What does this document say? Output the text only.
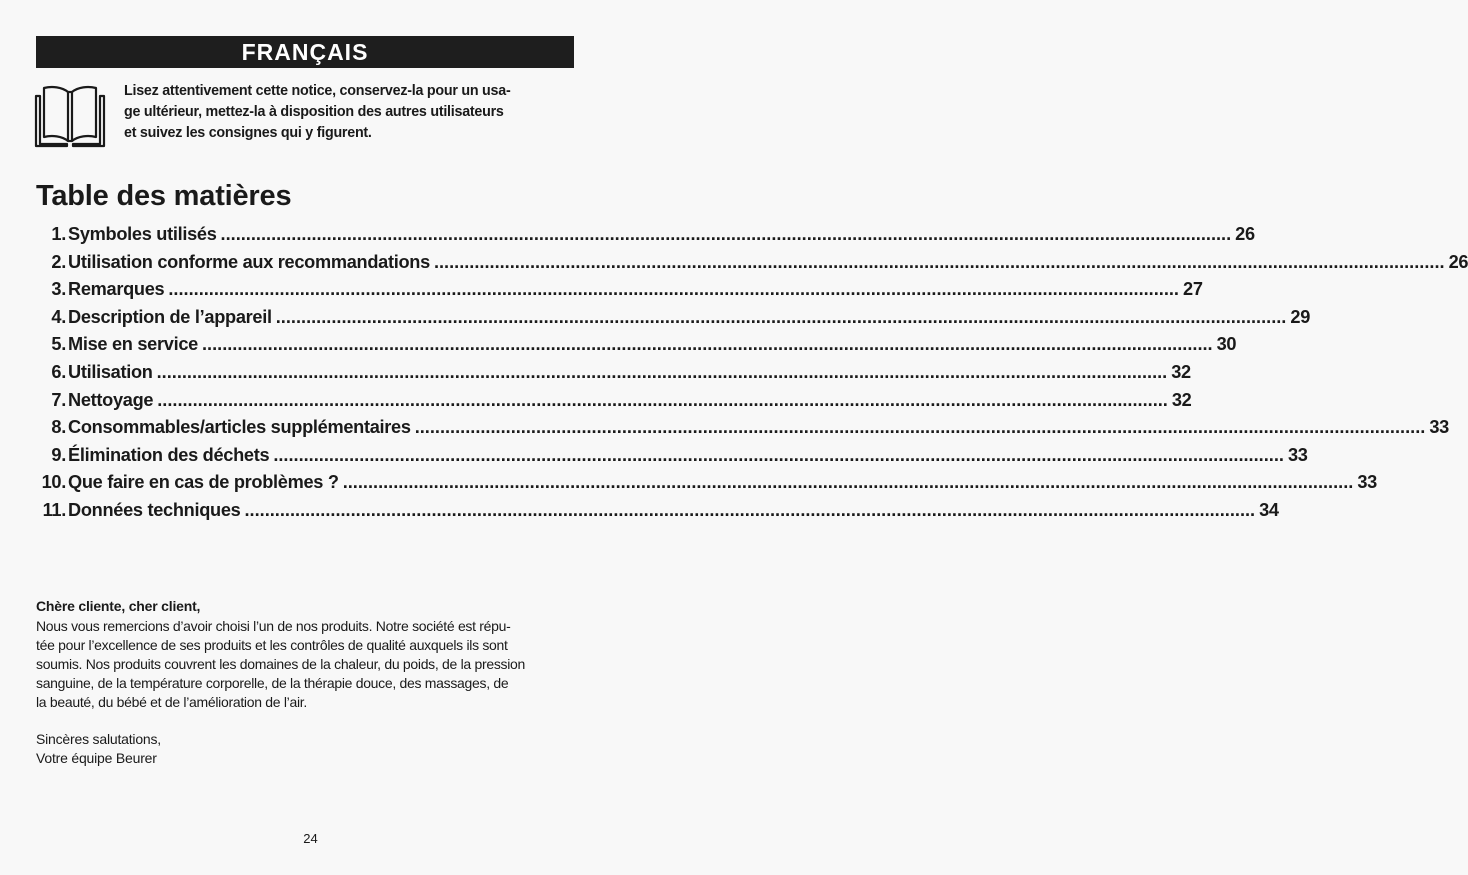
FRANÇAIS
Lisez attentivement cette notice, conservez-la pour un usa-
ge ultérieur, mettez-la à disposition des autres utilisateurs
et suivez les consignes qui y figurent.
Table des matières
1. Symboles utilisés ........................................................................................................................................................................................................ 26
2. Utilisation conforme aux recommandations ........................................................................................................................................................................................................ 26
3. Remarques ........................................................................................................................................................................................................ 27
4. Description de l’appareil ........................................................................................................................................................................................................ 29
5. Mise en service ........................................................................................................................................................................................................ 30
6. Utilisation ........................................................................................................................................................................................................ 32
7. Nettoyage ........................................................................................................................................................................................................ 32
8. Consommables/articles supplémentaires ........................................................................................................................................................................................................ 33
9. Élimination des déchets ........................................................................................................................................................................................................ 33
10. Que faire en cas de problèmes ? ........................................................................................................................................................................................................ 33
11. Données techniques ........................................................................................................................................................................................................ 34
Chère cliente, cher client,
Nous vous remercions d’avoir choisi l’un de nos produits. Notre société est répu-
tée pour l’excellence de ses produits et les contrôles de qualité auxquels ils sont
soumis. Nos produits couvrent les domaines de la chaleur, du poids, de la pression
sanguine, de la température corporelle, de la thérapie douce, des massages, de
la beauté, du bébé et de l’amélioration de l’air.
Sincères salutations,
Votre équipe Beurer
24
